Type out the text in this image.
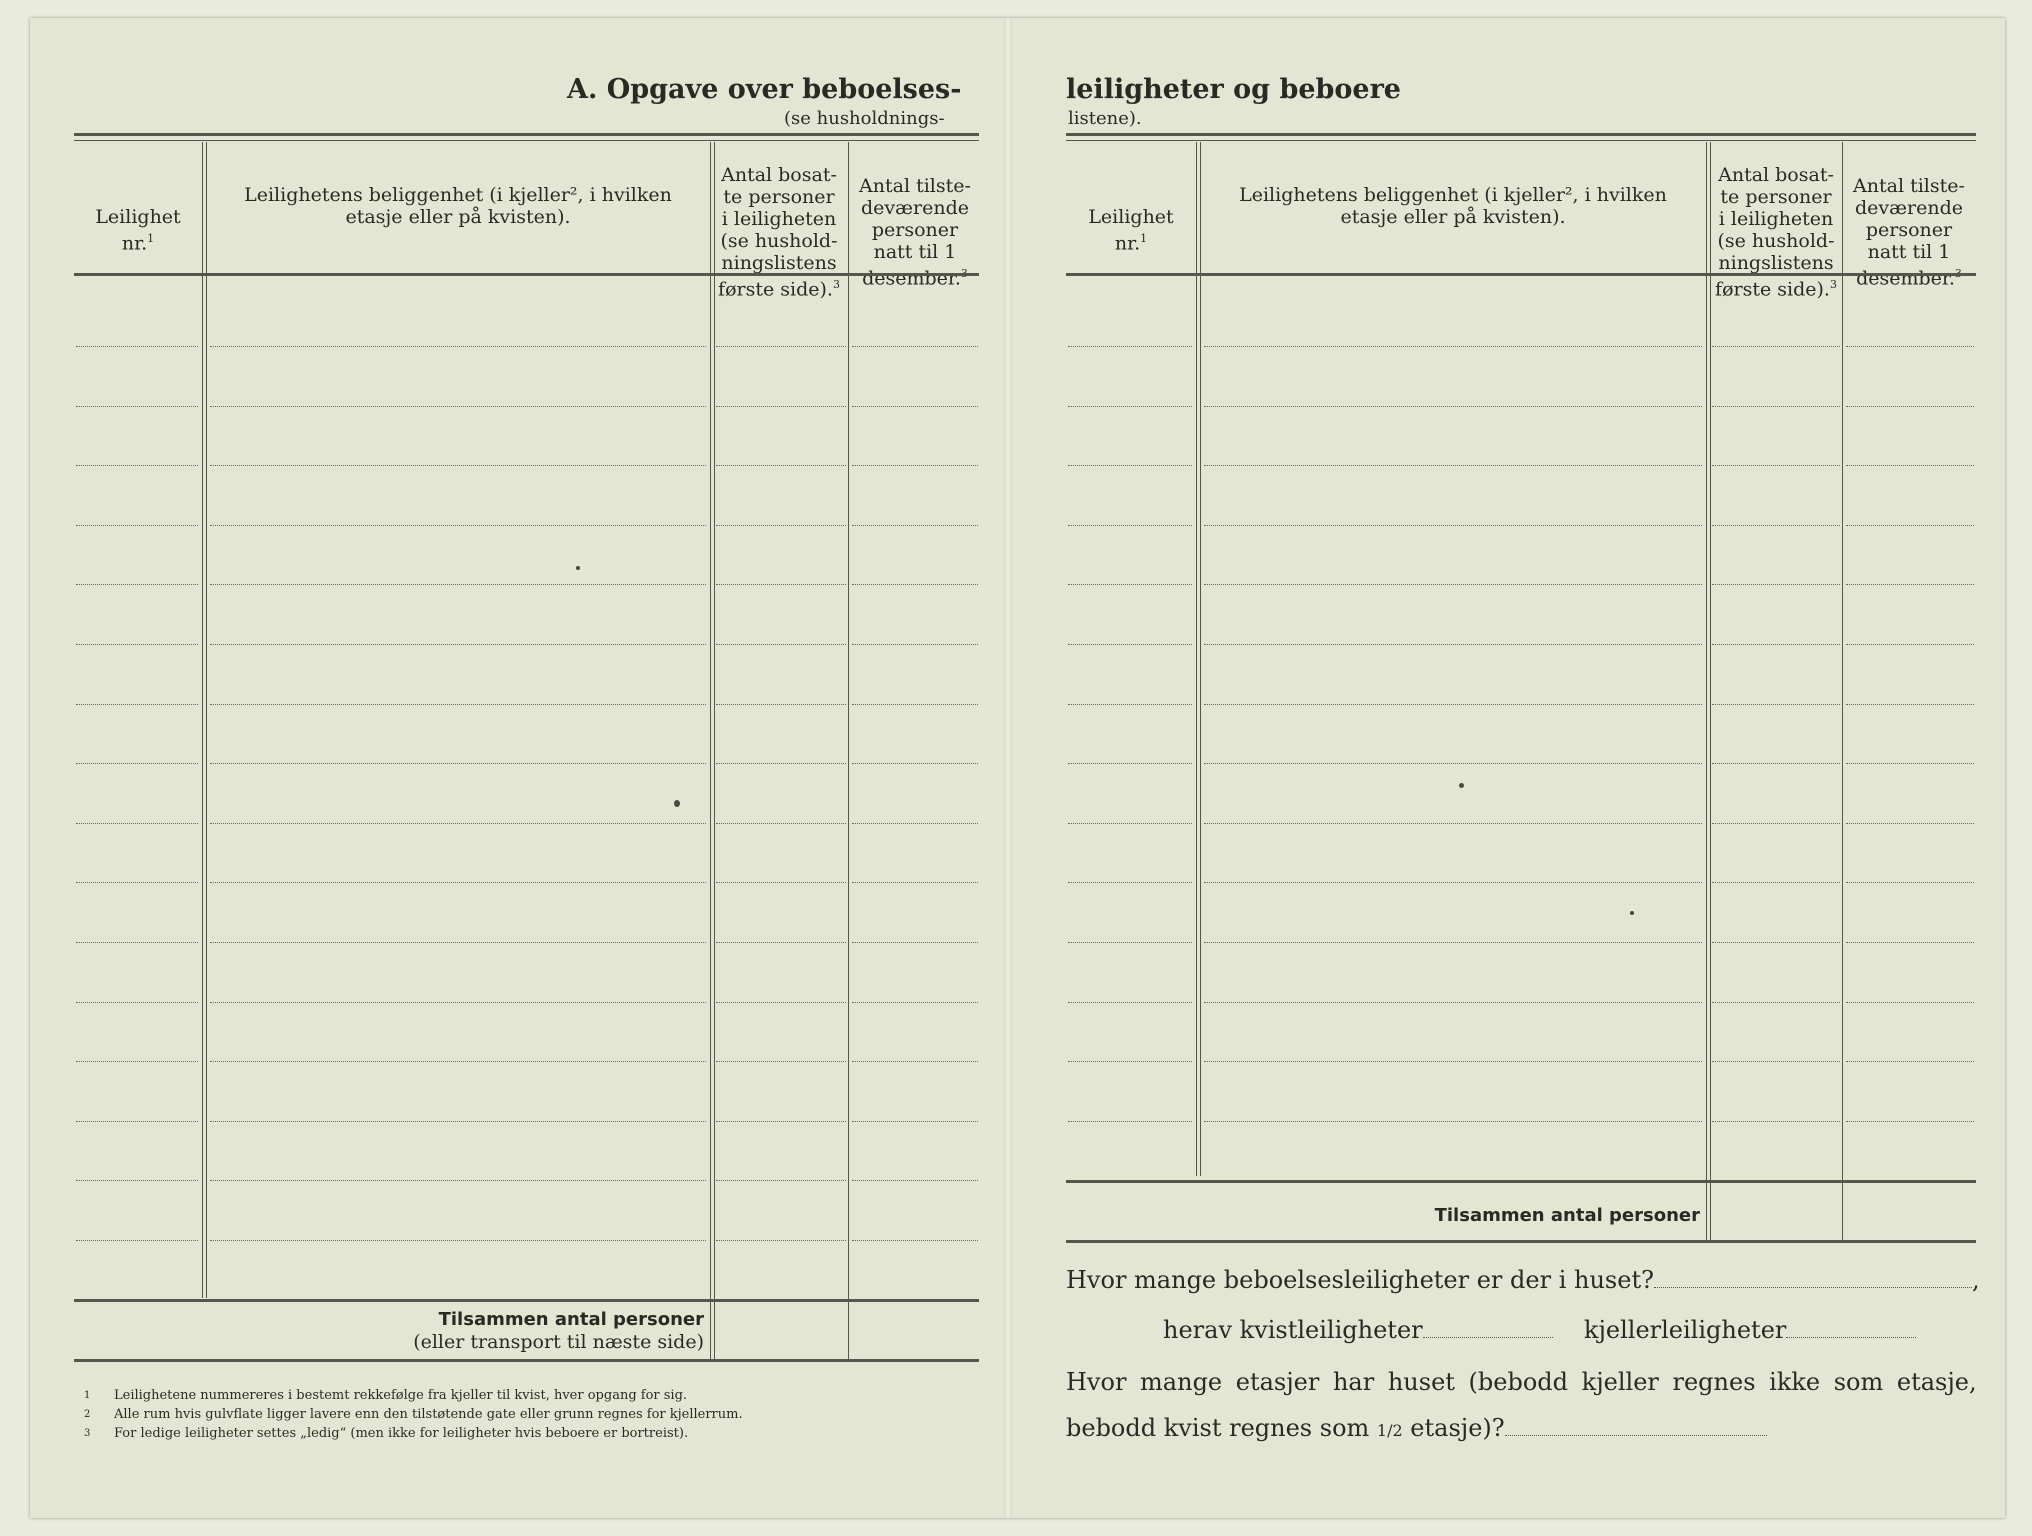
A. Opgave over beboelses-
(se husholdnings-

Leilighet
nr.$^1$

Leilighetens beliggenhet (i kjeller², i hvilken
etasje eller på kvisten).

Antal bosat-
te personer
i leiligheten
(se hushold-
ningslistens
første side).$^3$

Antal tilste-
deværende
personer
natt til 1
desember.$^3$

Tilsammen antal personer
(eller transport til næste side)
1 Leilighetene nummereres i bestemt rekkefølge fra kjeller til kvist, hver opgang for sig.
2 Alle rum hvis gulvflate ligger lavere enn den tilstøtende gate eller grunn regnes for kjellerrum.
3 For ledige leiligheter settes „ledig“ (men ikke for leiligheter hvis beboere er bortreist).
leiligheter og beboere
listene).

Leilighet
nr.$^1$

Leilighetens beliggenhet (i kjeller², i hvilken
etasje eller på kvisten).

Antal bosat-
te personer
i leiligheten
(se hushold-
ningslistens
første side).$^3$

Antal tilste-
deværende
personer
natt til 1
desember.$^3$

Tilsammen antal personer
Hvor mange beboelsesleiligheter er der i huset?	,
herav kvistleiligheter	kjellerleiligheter
Hvor mange etasjer har huset (bebodd kjeller regnes ikke som etasje,
bebodd kvist regnes som 1/2 etasje)?
